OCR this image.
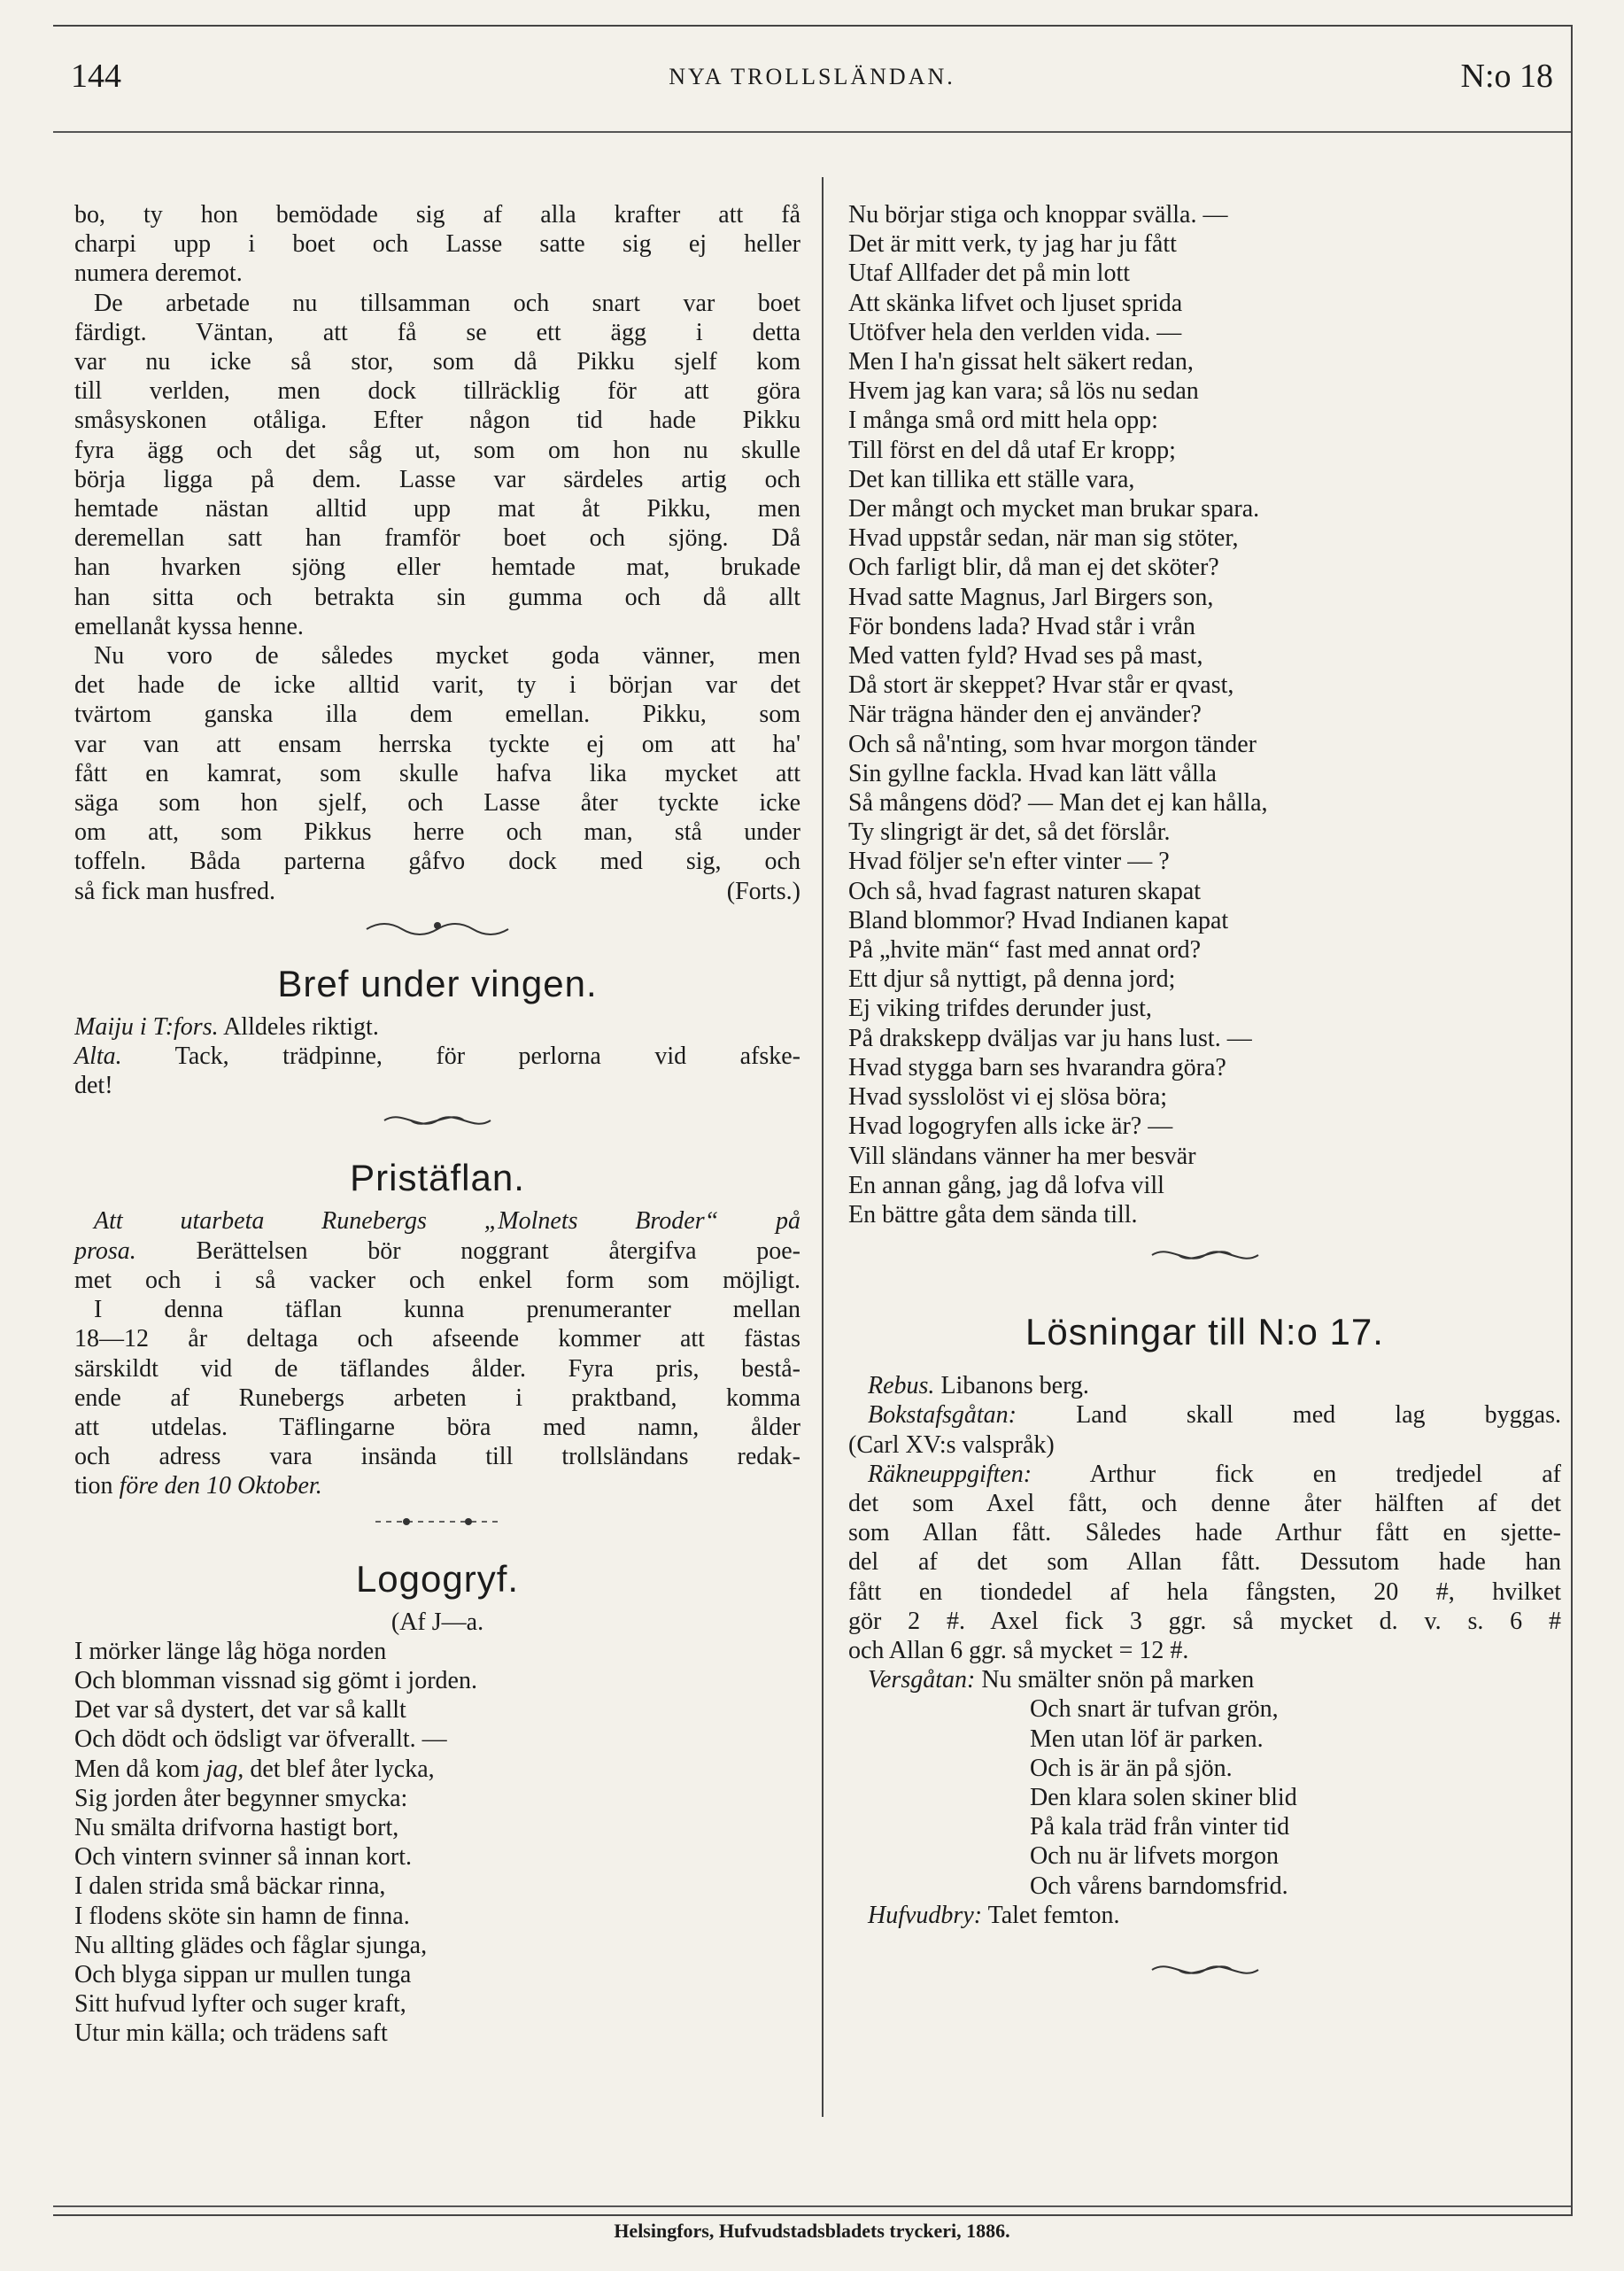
144	NYA TROLLSLÄNDAN.	N:o 18

bo, ty hon bemödade sig af alla krafter att få

charpi upp i boet och Lasse satte sig ej heller

numera deremot.

De arbetade nu tillsamman och snart var boet

färdigt. Väntan, att få se ett ägg i detta

var nu icke så stor, som då Pikku sjelf kom

till verlden, men dock tillräcklig för att göra

småsyskonen otåliga. Efter någon tid hade Pikku

fyra ägg och det såg ut, som om hon nu skulle

börja ligga på dem. Lasse var särdeles artig och

hemtade nästan alltid upp mat åt Pikku, men

deremellan satt han framför boet och sjöng. Då

han hvarken sjöng eller hemtade mat, brukade

han sitta och betrakta sin gumma och då allt

emellanåt kyssa henne.

Nu voro de således mycket goda vänner, men

det hade de icke alltid varit, ty i början var det

tvärtom ganska illa dem emellan. Pikku, som

var van att ensam herrska tyckte ej om att ha'

fått en kamrat, som skulle hafva lika mycket att

säga som hon sjelf, och Lasse åter tyckte icke

om att, som Pikkus herre och man, stå under

toffeln. Båda parterna gåfvo dock med sig, och

så fick man husfred.	(Forts.)
Bref under vingen.
Maiju i T:fors. Alldeles riktigt.

Alta. Tack, trädpinne, för perlorna vid afske-

det!
Pristäflan.

Att utarbeta Runebergs „Molnets Broder“ på

prosa. Berättelsen bör noggrant återgifva poe-

met och i så vacker och enkel form som möjligt.

I denna täflan kunna prenumeranter mellan

18—12 år deltaga och afseende kommer att fästas

särskildt vid de täflandes ålder. Fyra pris, bestå-

ende af Runebergs arbeten i praktband, komma

att utdelas. Täflingarne böra med namn, ålder

och adress vara insända till trollsländans redak-

tion före den 10 Oktober.
Logogryf.
(Af J—a.
I mörker länge låg höga norden
Och blomman vissnad sig gömt i jorden.
Det var så dystert, det var så kallt
Och dödt och ödsligt var öfverallt. —
Men då kom jag, det blef åter lycka,
Sig jorden åter begynner smycka:
Nu smälta drifvorna hastigt bort,
Och vintern svinner så innan kort.
I dalen strida små bäckar rinna,
I flodens sköte sin hamn de finna.
Nu allting glädes och fåglar sjunga,
Och blyga sippan ur mullen tunga
Sitt hufvud lyfter och suger kraft,
Utur min källa; och trädens saft
Nu börjar stiga och knoppar svälla. —
Det är mitt verk, ty jag har ju fått
Utaf Allfader det på min lott
Att skänka lifvet och ljuset sprida
Utöfver hela den verlden vida. —
Men I ha'n gissat helt säkert redan,
Hvem jag kan vara; så lös nu sedan
I många små ord mitt hela opp:
Till först en del då utaf Er kropp;
Det kan tillika ett ställe vara,
Der mångt och mycket man brukar spara.
Hvad uppstår sedan, när man sig stöter,
Och farligt blir, då man ej det sköter?
Hvad satte Magnus, Jarl Birgers son,
För bondens lada? Hvad står i vrån
Med vatten fyld? Hvad ses på mast,
Då stort är skeppet? Hvar står er qvast,
När trägna händer den ej använder?
Och så nå'nting, som hvar morgon tänder
Sin gyllne fackla. Hvad kan lätt vålla
Så mångens död? — Man det ej kan hålla,
Ty slingrigt är det, så det förslår.
Hvad följer se'n efter vinter — ?
Och så, hvad fagrast naturen skapat
Bland blommor? Hvad Indianen kapat
På „hvite män“ fast med annat ord?
Ett djur så nyttigt, på denna jord;
Ej viking trifdes derunder just,
På drakskepp dväljas var ju hans lust. —
Hvad stygga barn ses hvarandra göra?
Hvad sysslolöst vi ej slösa böra;
Hvad logogryfen alls icke är? —
Vill sländans vänner ha mer besvär
En annan gång, jag då lofva vill
En bättre gåta dem sända till.
Lösningar till N:o 17.
Rebus. Libanons berg.

Bokstafsgåtan: Land skall med lag byggas.

(Carl XV:s valspråk)

Räkneuppgiften: Arthur fick en tredjedel af

det som Axel fått, och denne åter hälften af det

som Allan fått. Således hade Arthur fått en sjette-

del af det som Allan fått. Dessutom hade han

fått en tiondedel af hela fångsten, 20 #, hvilket

gör 2 #. Axel fick 3 ggr. så mycket d. v. s. 6 #

och Allan 6 ggr. så mycket = 12 #.
Versgåtan: Nu smälter snön på marken
Och snart är tufvan grön,
Men utan löf är parken.
Och is är än på sjön.
Den klara solen skiner blid
På kala träd från vinter tid
Och nu är lifvets morgon
Och vårens barndomsfrid.
Hufvudbry: Talet femton.
Helsingfors, Hufvudstadsbladets tryckeri, 1886.
